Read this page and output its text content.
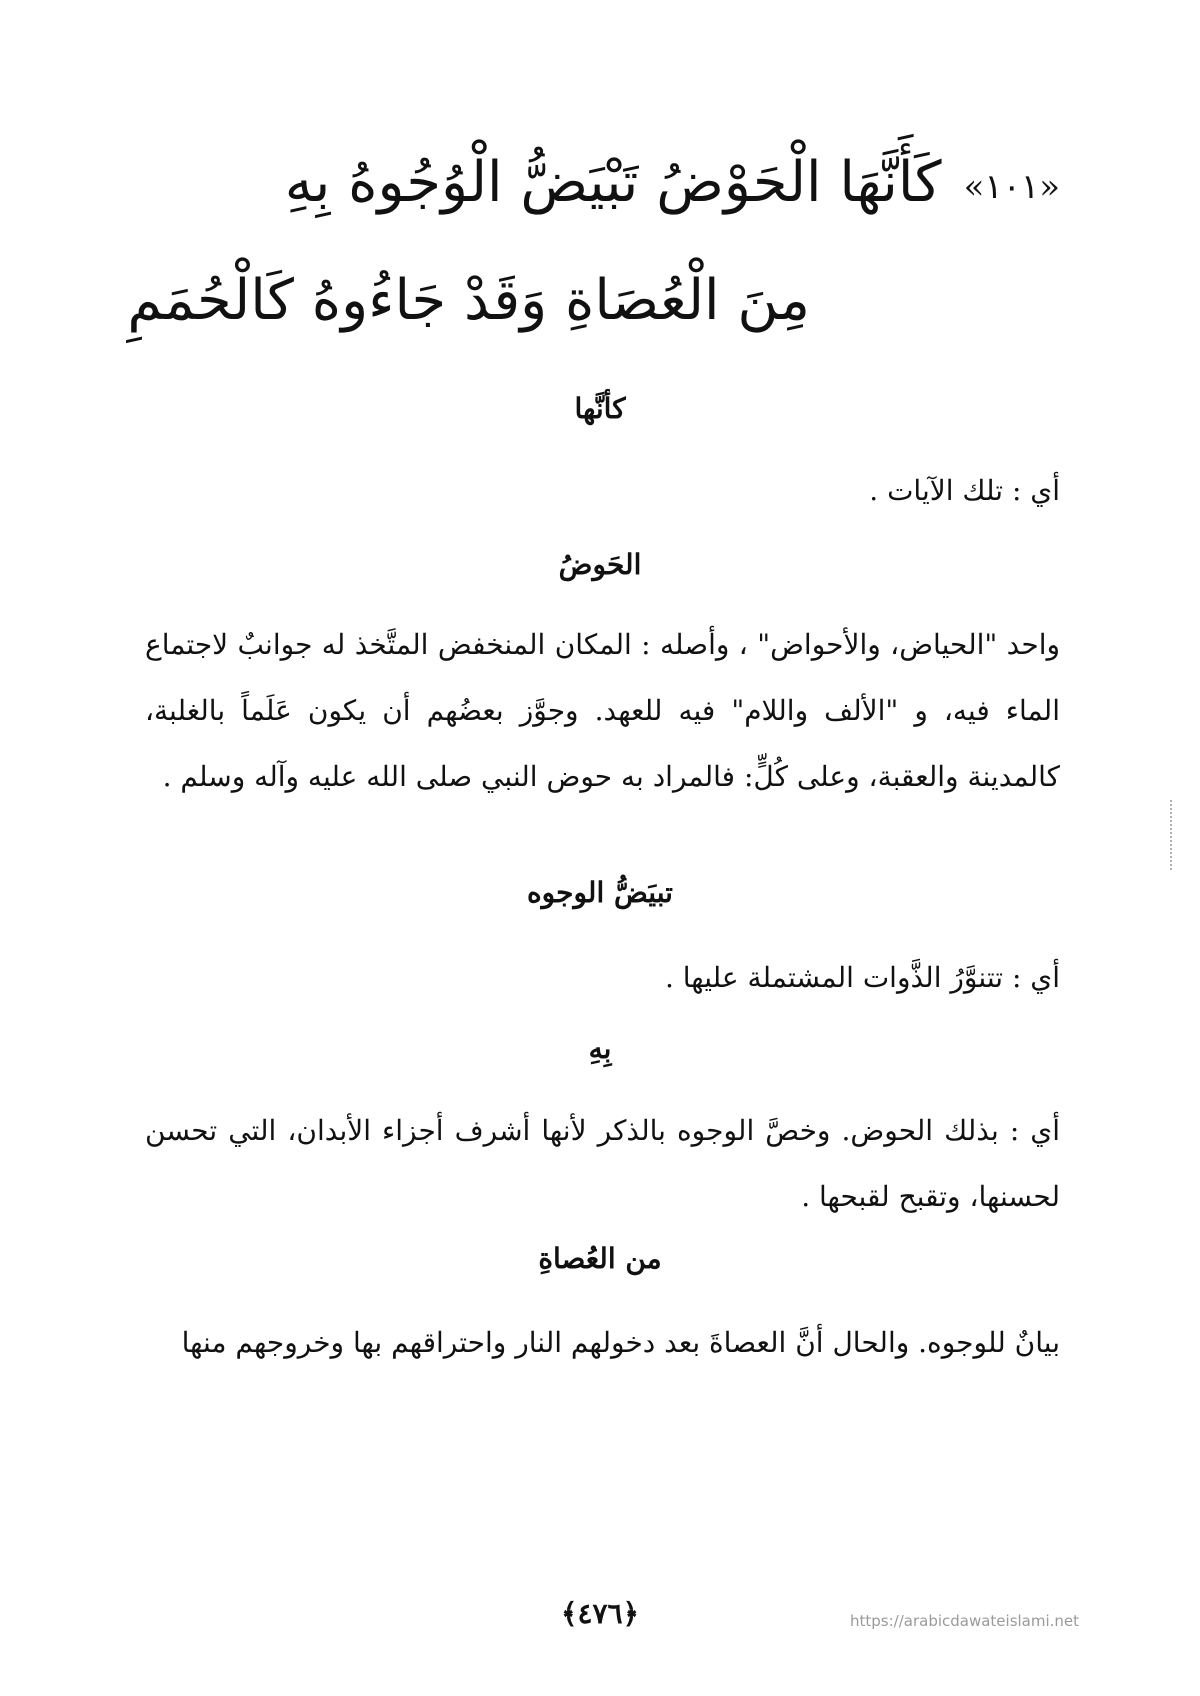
«١٠١»كَأَنَّهَا الْحَوْضُ تَبْيَضُّ الْوُجُوهُ بِهِ
مِنَ الْعُصَاةِ وَقَدْ جَاءُوهُ كَالْحُمَمِ
كأنَّها
أي : تلك الآيات .
الحَوضُ
واحد "الحياض، والأحواض" ، وأصله : المكان المنخفض المتَّخذ له جوانبٌ لاجتماع الماء فيه، و "الألف واللام" فيه للعهد. وجوَّز بعضُهم أن يكون عَلَماً بالغلبة، كالمدينة والعقبة، وعلى كُلٍّ: فالمراد به حوض النبي صلى الله عليه وآله وسلم .
تبيَضُّ الوجوه
أي : تتنوَّرُ الذَّوات المشتملة عليها .
بِهِ
أي : بذلك الحوض. وخصَّ الوجوه بالذكر لأنها أشرف أجزاء الأبدان، التي تحسن لحسنها، وتقبح لقبحها .
من العُصاةِ
بيانٌ للوجوه. والحال أنَّ العصاةَ بعد دخولهم النار واحتراقهم بها وخروجهم منها
﴿٤٧٦﴾	https://arabicdawateislami.net
